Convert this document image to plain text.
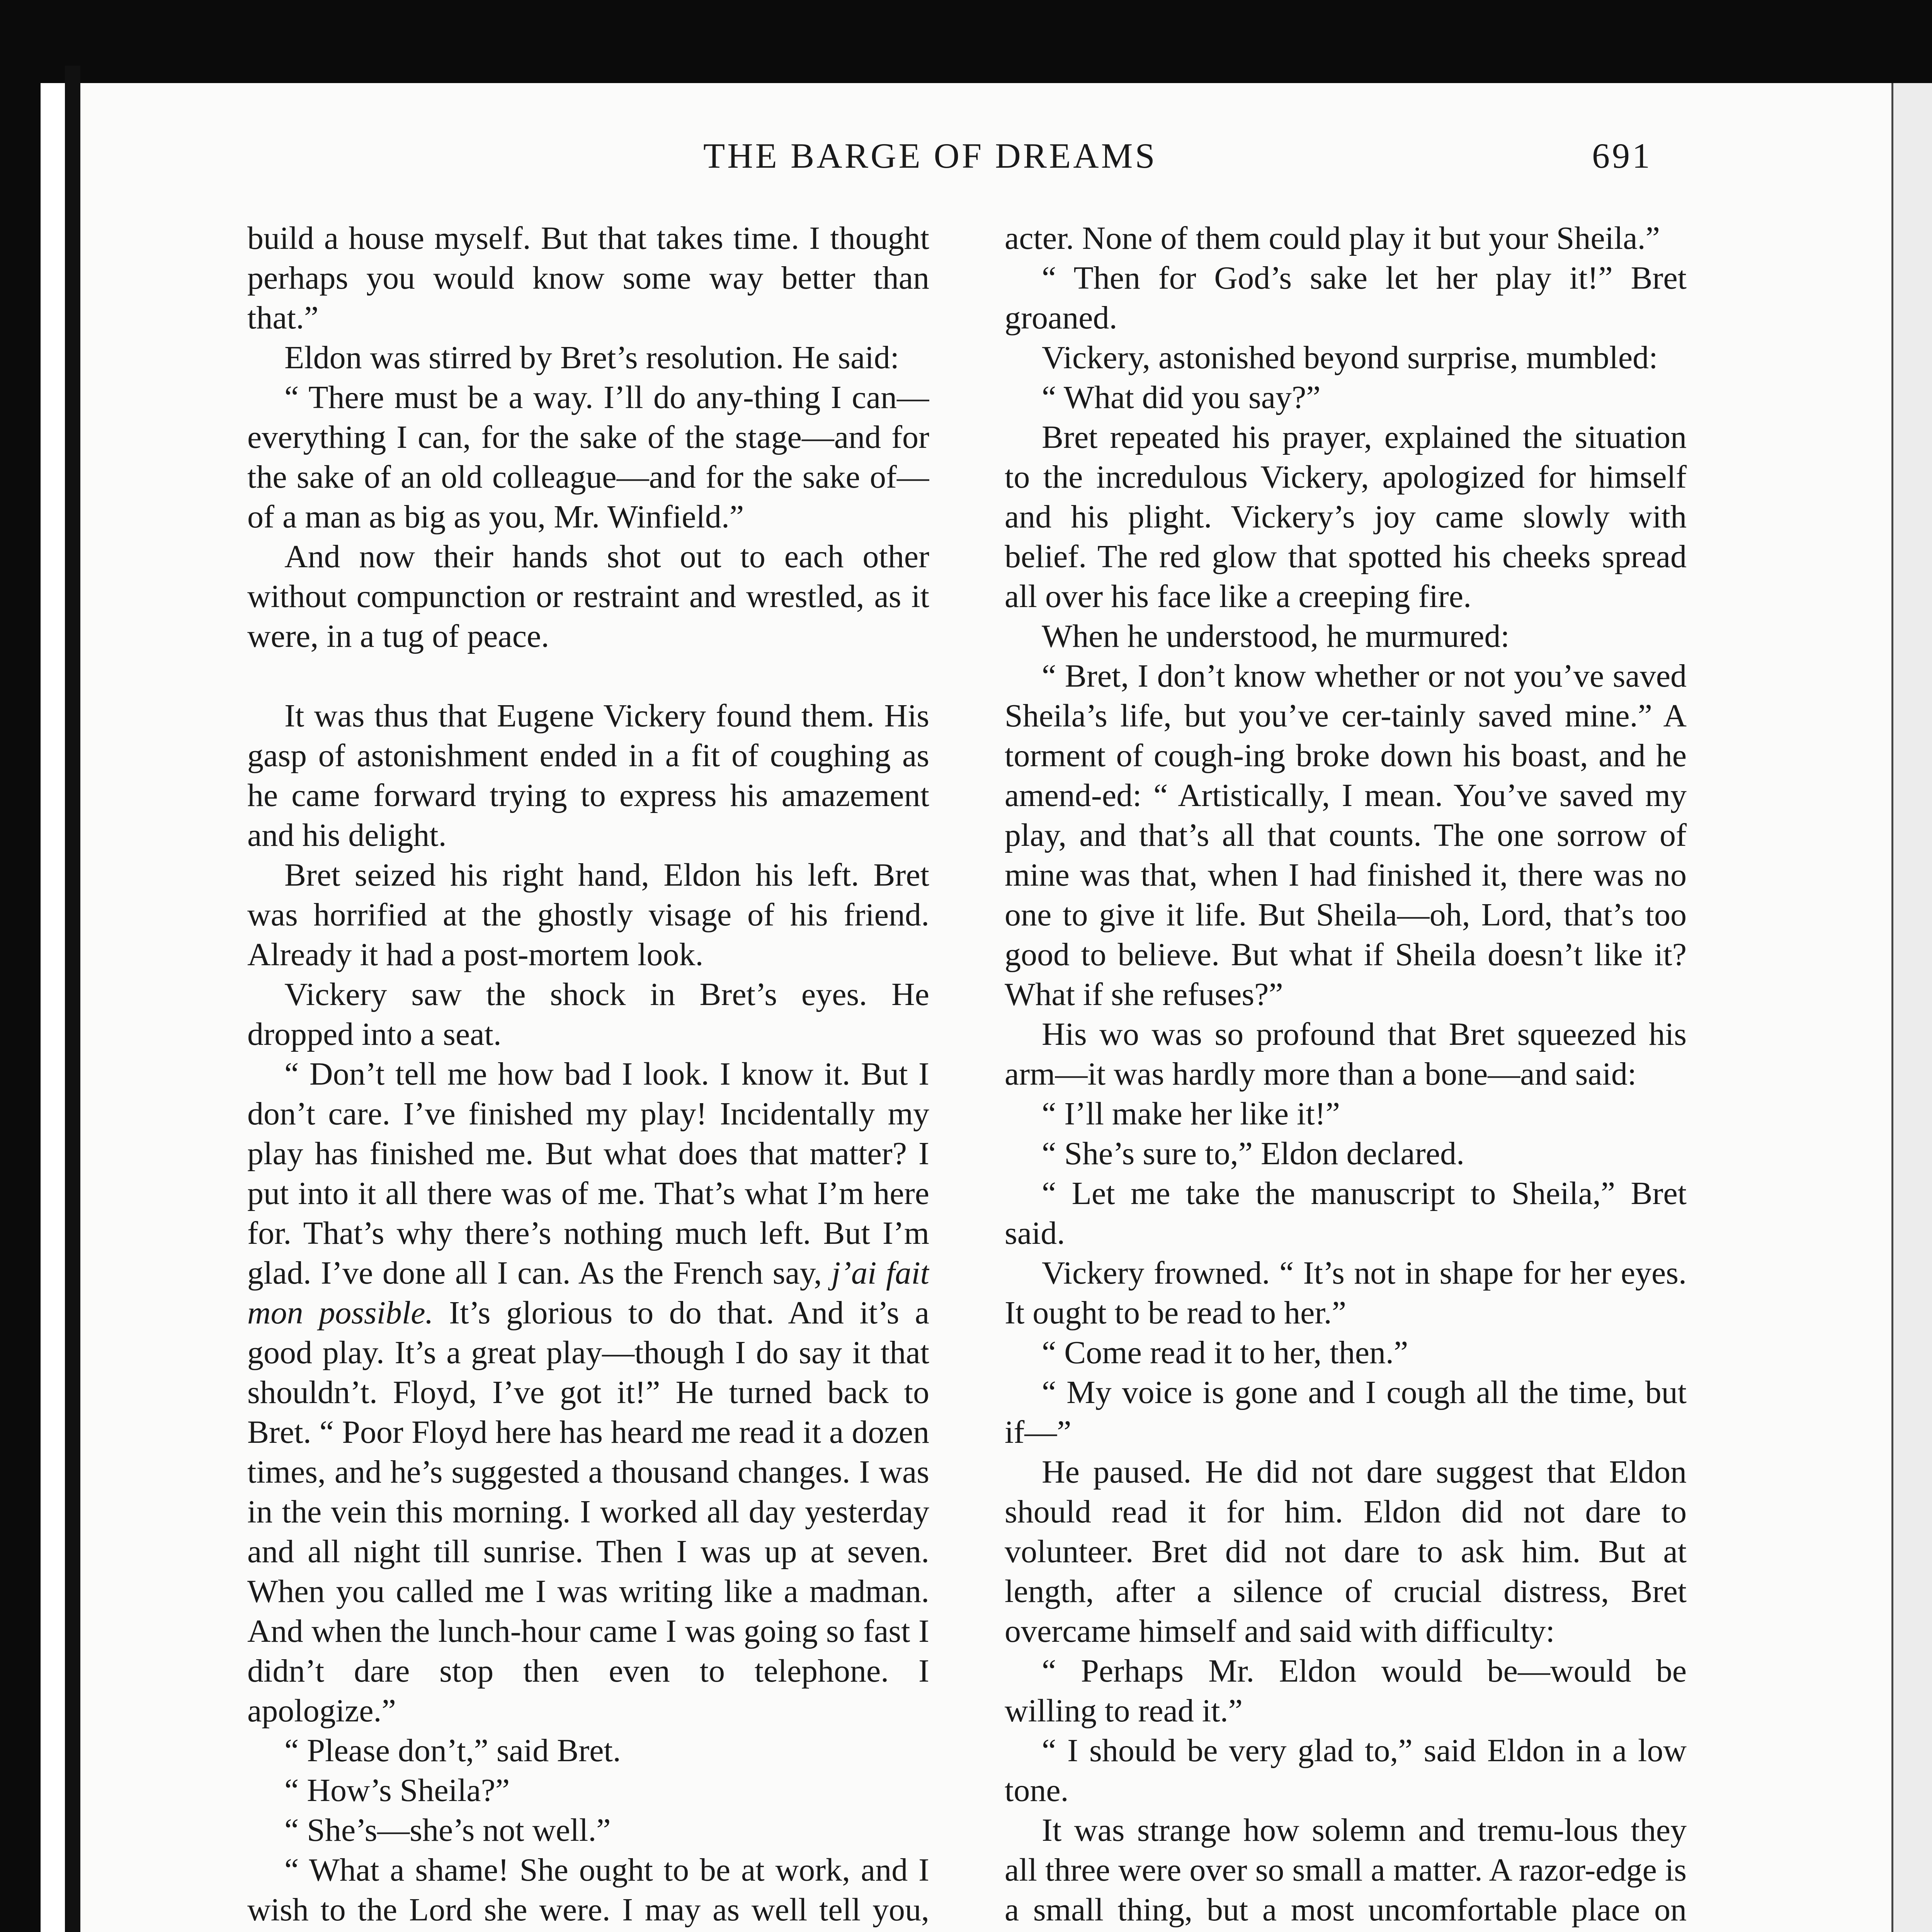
THE BARGE OF DREAMS	691

build a house myself. But that takes time. I thought perhaps you would know some way better than that.”

Eldon was stirred by Bret’s resolution. He said:

“ There must be a way. I’ll do any-thing I can—everything I can, for the sake of the stage—and for the sake of an old colleague—and for the sake of—of a man as big as you, Mr. Winfield.”

And now their hands shot out to each other without compunction or restraint and wrestled, as it were, in a tug of peace.

It was thus that Eugene Vickery found them. His gasp of astonishment ended in a fit of coughing as he came forward trying to express his amazement and his delight.

Bret seized his right hand, Eldon his left. Bret was horrified at the ghostly visage of his friend. Already it had a post-mortem look.

Vickery saw the shock in Bret’s eyes. He dropped into a seat.

“ Don’t tell me how bad I look. I know it. But I don’t care. I’ve finished my play! Incidentally my play has finished me. But what does that matter? I put into it all there was of me. That’s what I’m here for. That’s why there’s nothing much left. But I’m glad. I’ve done all I can. As the French say, j’ai fait mon possible. It’s glorious to do that. And it’s a good play. It’s a great play—though I do say it that shouldn’t. Floyd, I’ve got it!” He turned back to Bret. “ Poor Floyd here has heard me read it a dozen times, and he’s suggested a thousand changes. I was in the vein this morning. I worked all day yesterday and all night till sunrise. Then I was up at seven. When you called me I was writing like a madman. And when the lunch-hour came I was going so fast I didn’t dare stop then even to telephone. I apologize.”

“ Please don’t,” said Bret.

“ How’s Sheila?”

“ She’s—she’s not well.”

“ What a shame! She ought to be at work, and I wish to the Lord she were. I may as well tell you,

acter. None of them could play it but your Sheila.”

“ Then for God’s sake let her play it!” Bret groaned.

Vickery, astonished beyond surprise, mumbled:

“ What did you say?”

Bret repeated his prayer, explained the situation to the incredulous Vickery, apologized for himself and his plight. Vickery’s joy came slowly with belief. The red glow that spotted his cheeks spread all over his face like a creeping fire.

When he understood, he murmured:

“ Bret, I don’t know whether or not you’ve saved Sheila’s life, but you’ve cer-tainly saved mine.” A torment of cough-ing broke down his boast, and he amend-ed: “ Artistically, I mean. You’ve saved my play, and that’s all that counts. The one sorrow of mine was that, when I had finished it, there was no one to give it life. But Sheila—oh, Lord, that’s too good to believe. But what if Sheila doesn’t like it? What if she refuses?”

His wo was so profound that Bret squeezed his arm—it was hardly more than a bone—and said:

“ I’ll make her like it!”

“ She’s sure to,” Eldon declared.

“ Let me take the manuscript to Sheila,” Bret said.

Vickery frowned. “ It’s not in shape for her eyes. It ought to be read to her.”

“ Come read it to her, then.”

“ My voice is gone and I cough all the time, but if—”

He paused. He did not dare suggest that Eldon should read it for him. Eldon did not dare to volunteer. Bret did not dare to ask him. But at length, after a silence of crucial distress, Bret overcame himself and said with difficulty:

“ Perhaps Mr. Eldon would be—would be willing to read it.”

“ I should be very glad to,” said Eldon in a low tone.

It was strange how solemn and tremu-lous they all three were over so small a matter. A razor-edge is a small thing, but a most uncomfortable place on
